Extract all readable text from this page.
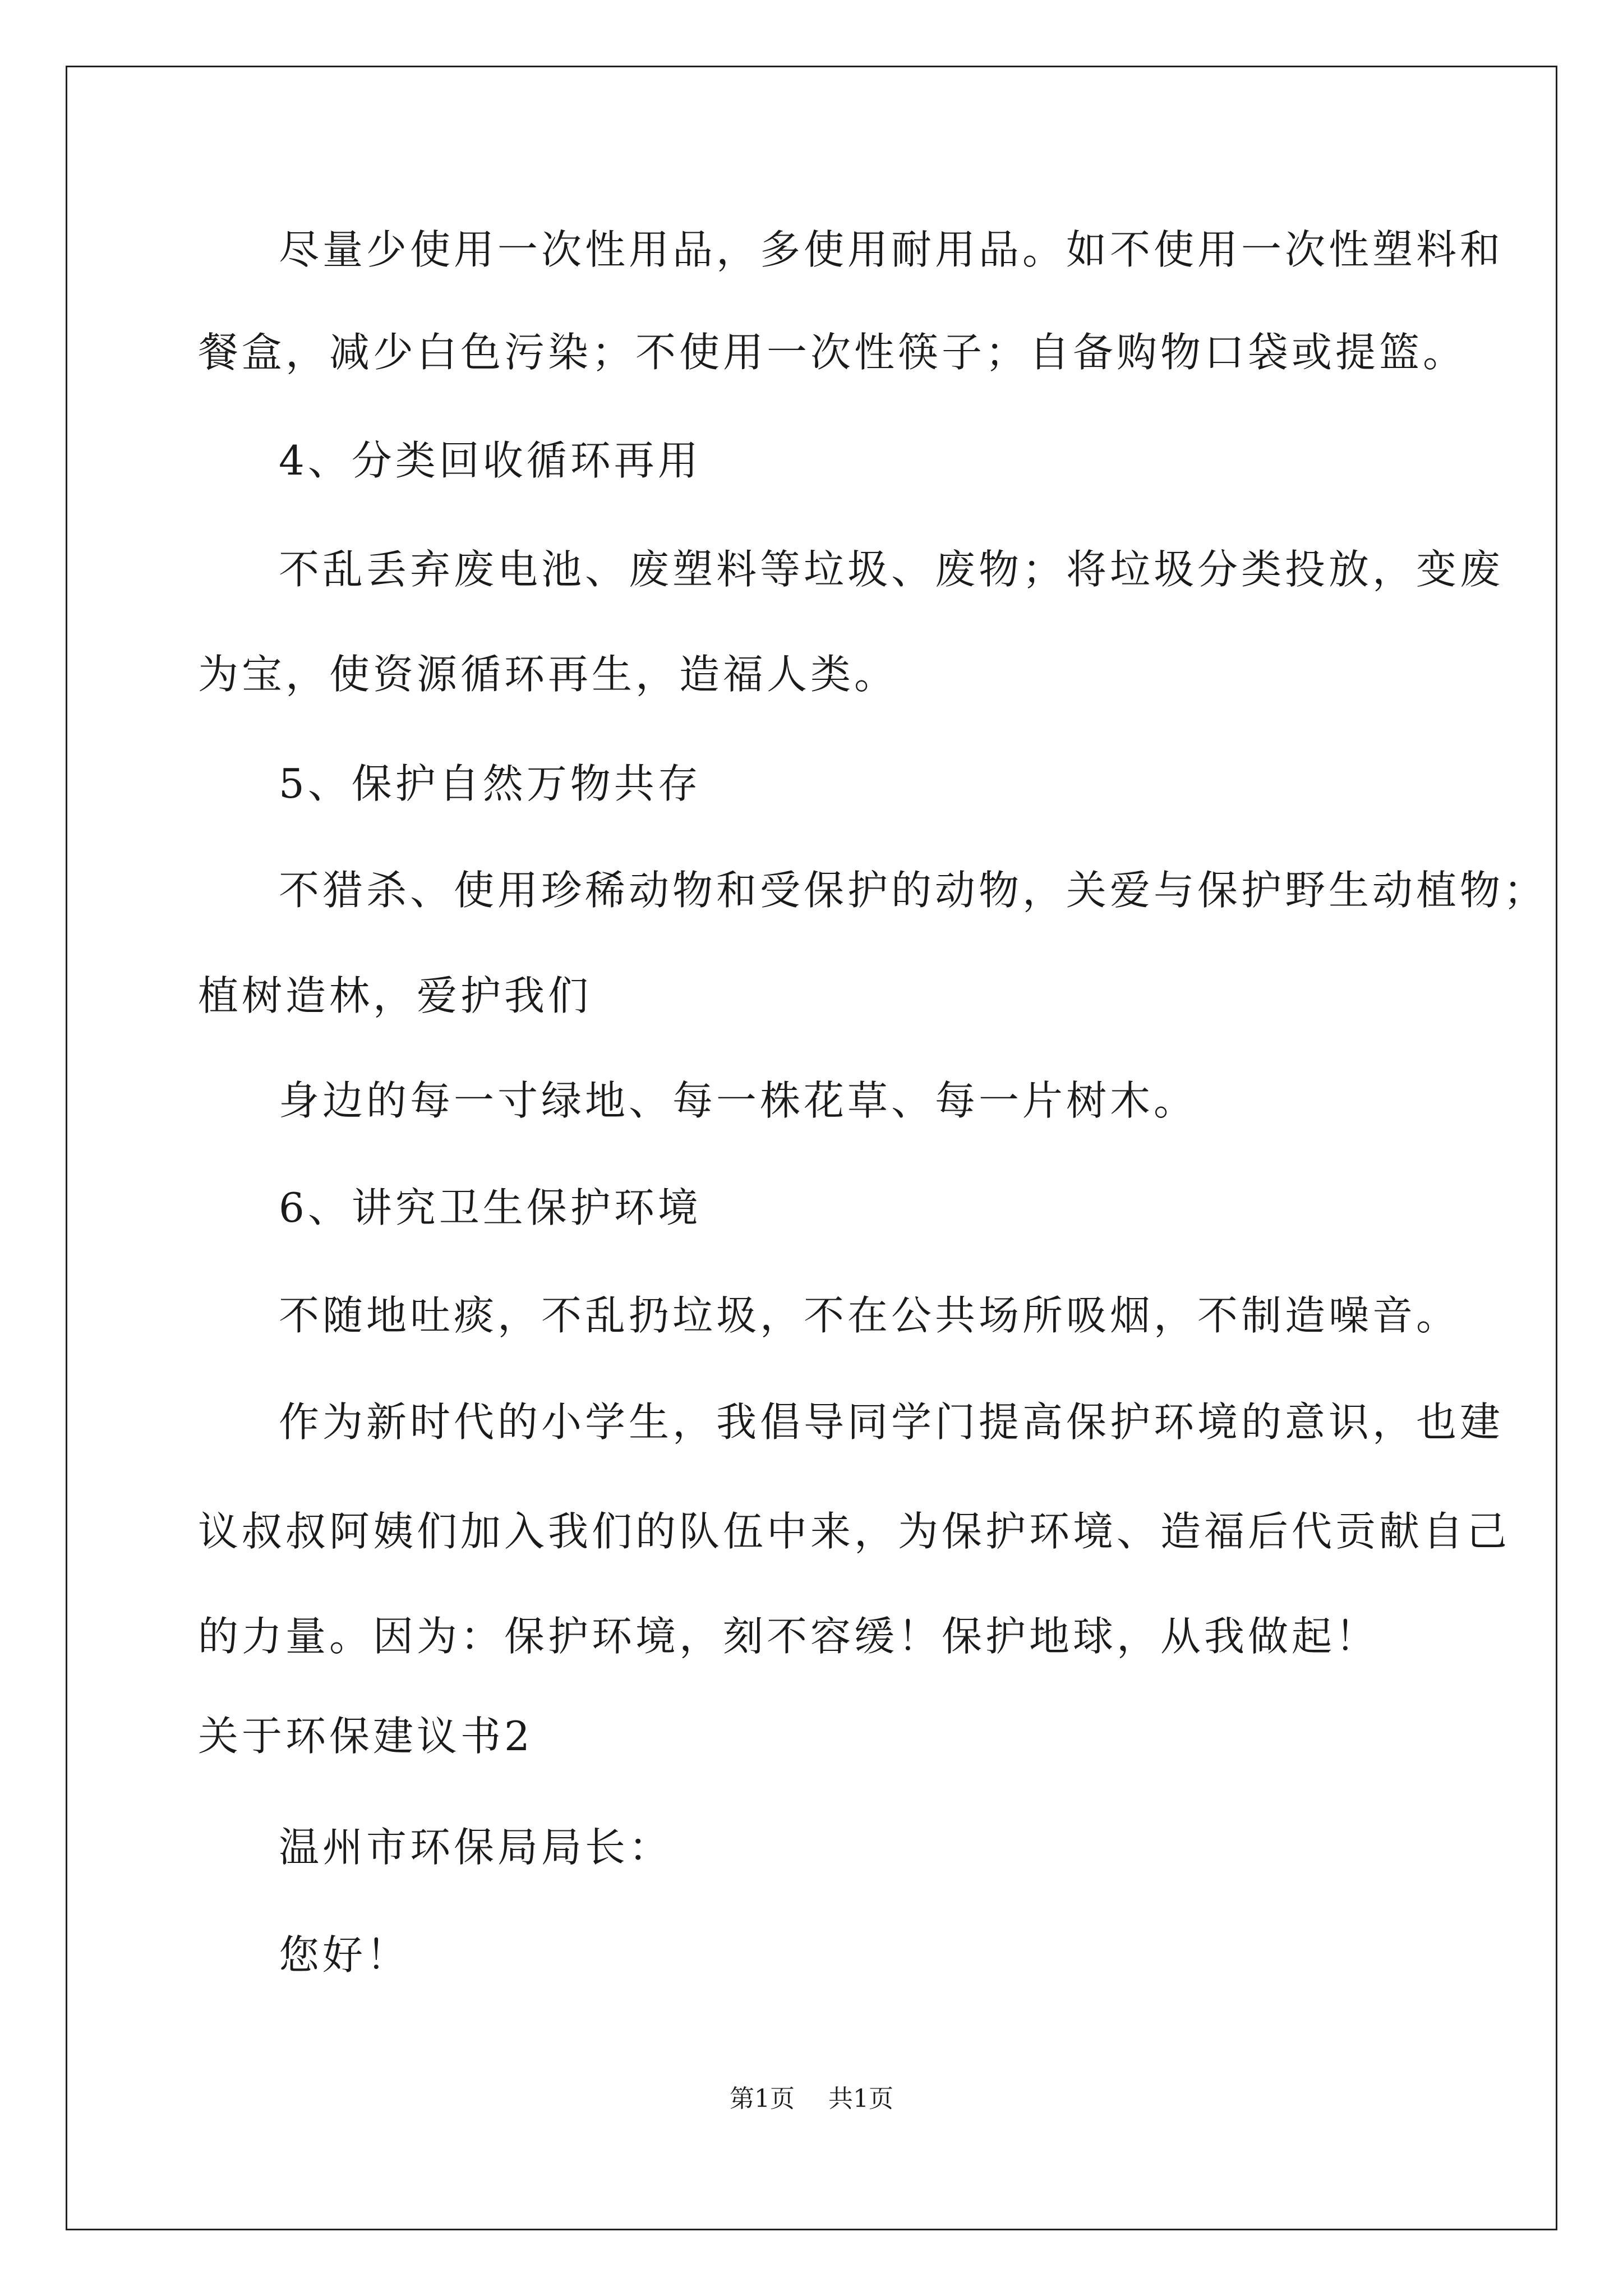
尽量少使用一次性用品，多使用耐用品。如不使用一次性塑料和
餐盒，减少白色污染；不使用一次性筷子；自备购物口袋或提篮。
4、分类回收循环再用
不乱丢弃废电池、废塑料等垃圾、废物；将垃圾分类投放，变废
为宝，使资源循环再生，造福人类。
5、保护自然万物共存
不猎杀、使用珍稀动物和受保护的动物，关爱与保护野生动植物；
植树造林，爱护我们
身边的每一寸绿地、每一株花草、每一片树木。
6、讲究卫生保护环境
不随地吐痰，不乱扔垃圾，不在公共场所吸烟，不制造噪音。
作为新时代的小学生，我倡导同学门提高保护环境的意识，也建
议叔叔阿姨们加入我们的队伍中来，为保护环境、造福后代贡献自己
的力量。因为：保护环境，刻不容缓！保护地球，从我做起！
关于环保建议书2
温州市环保局局长：
您好！
第1页 共1页
